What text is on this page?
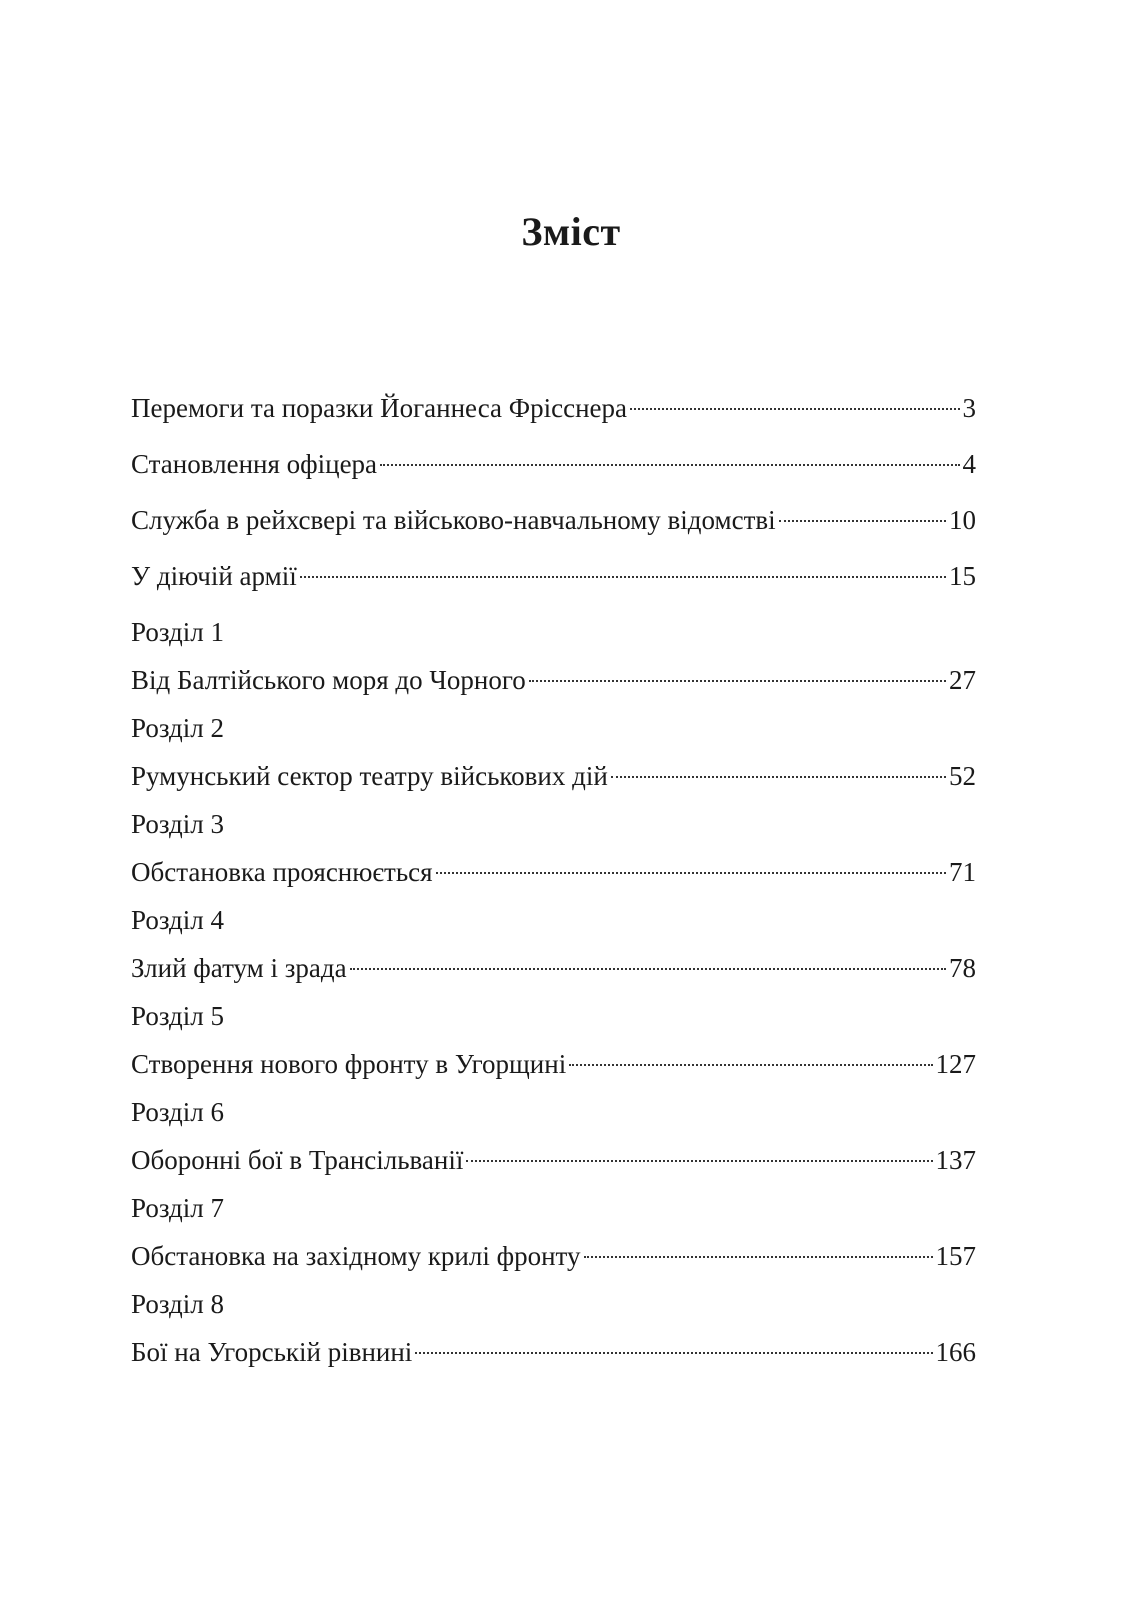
Зміст
Перемоги та поразки Йоганнеса Фріcснера	3
Становлення офіцера	4
Служба в рейхсвері та військово-навчальному відомстві	10
У діючій армії	15
Розділ 1
Від Балтійського моря до Чорного	27
Розділ 2
Румунський сектор театру військових дій	52
Розділ 3
Обстановка прояснюється	71
Розділ 4
Злий фатум і зрада	78
Розділ 5
Створення нового фронту в Угорщині	127
Розділ 6
Оборонні бої в Трансільванії	137
Розділ 7
Обстановка на західному крилі фронту	157
Розділ 8
Бої на Угорській рівнині	166
